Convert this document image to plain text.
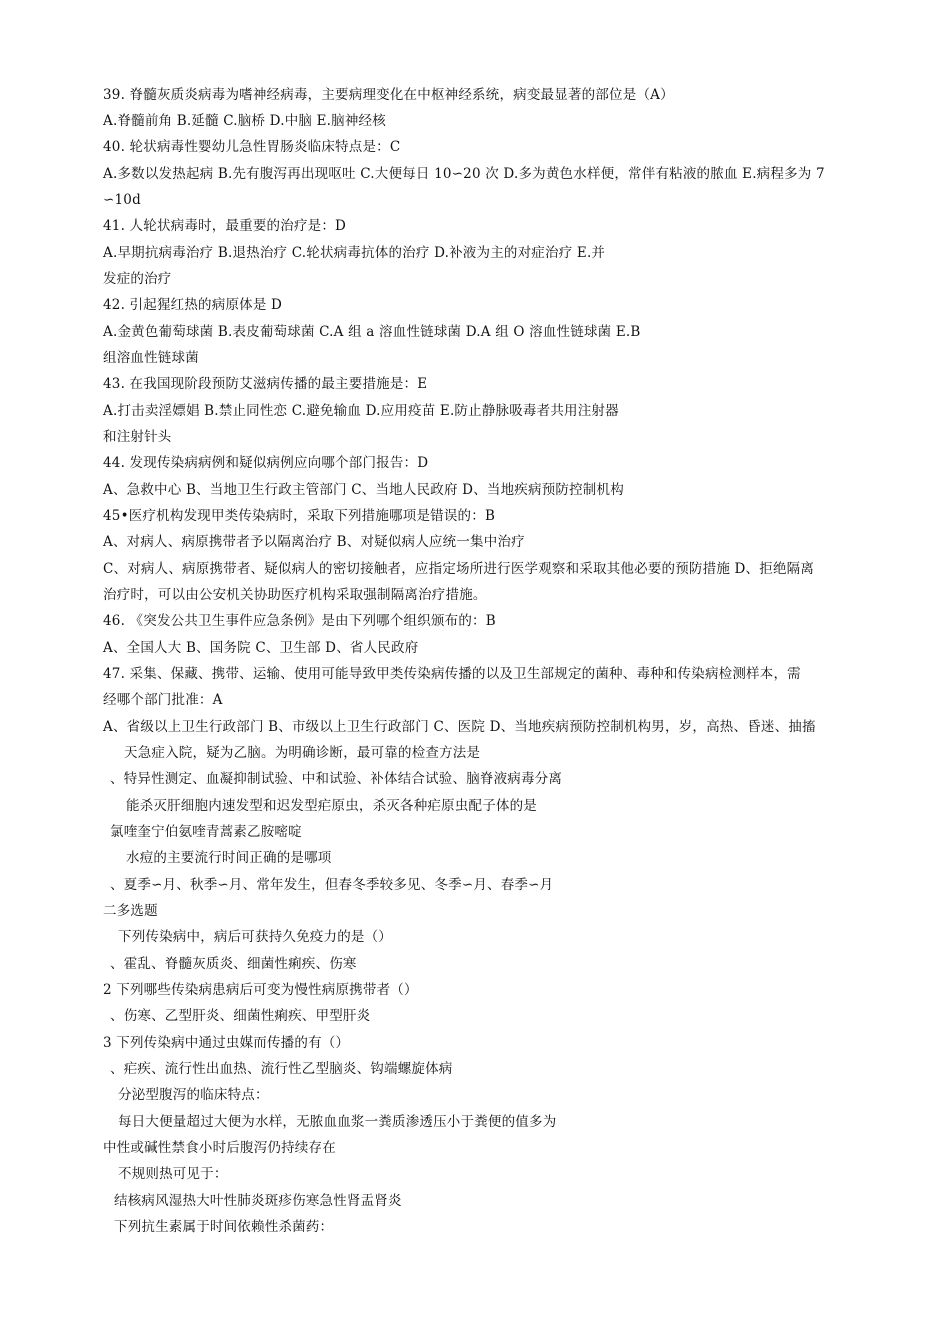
39. 脊髓灰质炎病毒为嗜神经病毒，主要病理变化在中枢神经系统，病变最显著的部位是（A）
A.脊髓前角 B.延髓 C.脑桥 D.中脑 E.脑神经核
40. 轮状病毒性婴幼儿急性胃肠炎临床特点是：C
A.多数以发热起病 B.先有腹泻再出现呕吐 C.大便每日 10∽20 次 D.多为黄色水样便，常伴有粘液的脓血 E.病程多为 7
∽10d
41. 人轮状病毒时，最重要的治疗是：D
A.早期抗病毒治疗 B.退热治疗 C.轮状病毒抗体的治疗 D.补液为主的对症治疗 E.并
发症的治疗
42. 引起猩红热的病原体是 D
A.金黄色葡萄球菌 B.表皮葡萄球菌 C.A 组 a 溶血性链球菌 D.A 组 O 溶血性链球菌 E.B
组溶血性链球菌
43. 在我国现阶段预防艾滋病传播的最主要措施是：E
A.打击卖淫嫖娼 B.禁止同性恋 C.避免输血 D.应用疫苗 E.防止静脉吸毒者共用注射器
和注射针头
44. 发现传染病病例和疑似病例应向哪个部门报告：D
A、急救中心 B、当地卫生行政主管部门 C、当地人民政府 D、当地疾病预防控制机构
45•医疗机构发现甲类传染病时，采取下列措施哪项是错误的：B
A、对病人、病原携带者予以隔离治疗 B、对疑似病人应统一集中治疗
C、对病人、病原携带者、疑似病人的密切接触者，应指定场所进行医学观察和采取其他必要的预防措施 D、拒绝隔离
治疗时，可以由公安机关协助医疗机构采取强制隔离治疗措施。
46. 《突发公共卫生事件应急条例》是由下列哪个组织颁布的：B
A、全国人大 B、国务院 C、卫生部 D、省人民政府
47. 采集、保藏、携带、运输、使用可能导致甲类传染病传播的以及卫生部规定的菌种、毒种和传染病检测样本，需
经哪个部门批准：A
A、省级以上卫生行政部门 B、市级以上卫生行政部门 C、医院 D、当地疾病预防控制机构男，岁，高热、昏迷、抽搐
天急症入院，疑为乙脑。为明确诊断，最可靠的检查方法是
、特异性测定、血凝抑制试验、中和试验、补体结合试验、脑脊液病毒分离
能杀灭肝细胞内速发型和迟发型疟原虫，杀灭各种疟原虫配子体的是
氯喹奎宁伯氨喹青蒿素乙胺嘧啶
水痘的主要流行时间正确的是哪项
、夏季∽月、秋季∽月、常年发生，但春冬季较多见、冬季∽月、春季∽月
二多选题
下列传染病中，病后可获持久免疫力的是（）
、霍乱、脊髓灰质炎、细菌性痢疾、伤寒
2 下列哪些传染病患病后可变为慢性病原携带者（）
、伤寒、乙型肝炎、细菌性痢疾、甲型肝炎
3 下列传染病中通过虫媒而传播的有（）
、疟疾、流行性出血热、流行性乙型脑炎、钩端螺旋体病
分泌型腹泻的临床特点：
每日大便量超过大便为水样，无脓血血浆一粪质渗透压小于粪便的值多为
中性或碱性禁食小时后腹泻仍持续存在
不规则热可见于：
结核病风湿热大叶性肺炎斑疹伤寒急性肾盂肾炎
下列抗生素属于时间依赖性杀菌药：
